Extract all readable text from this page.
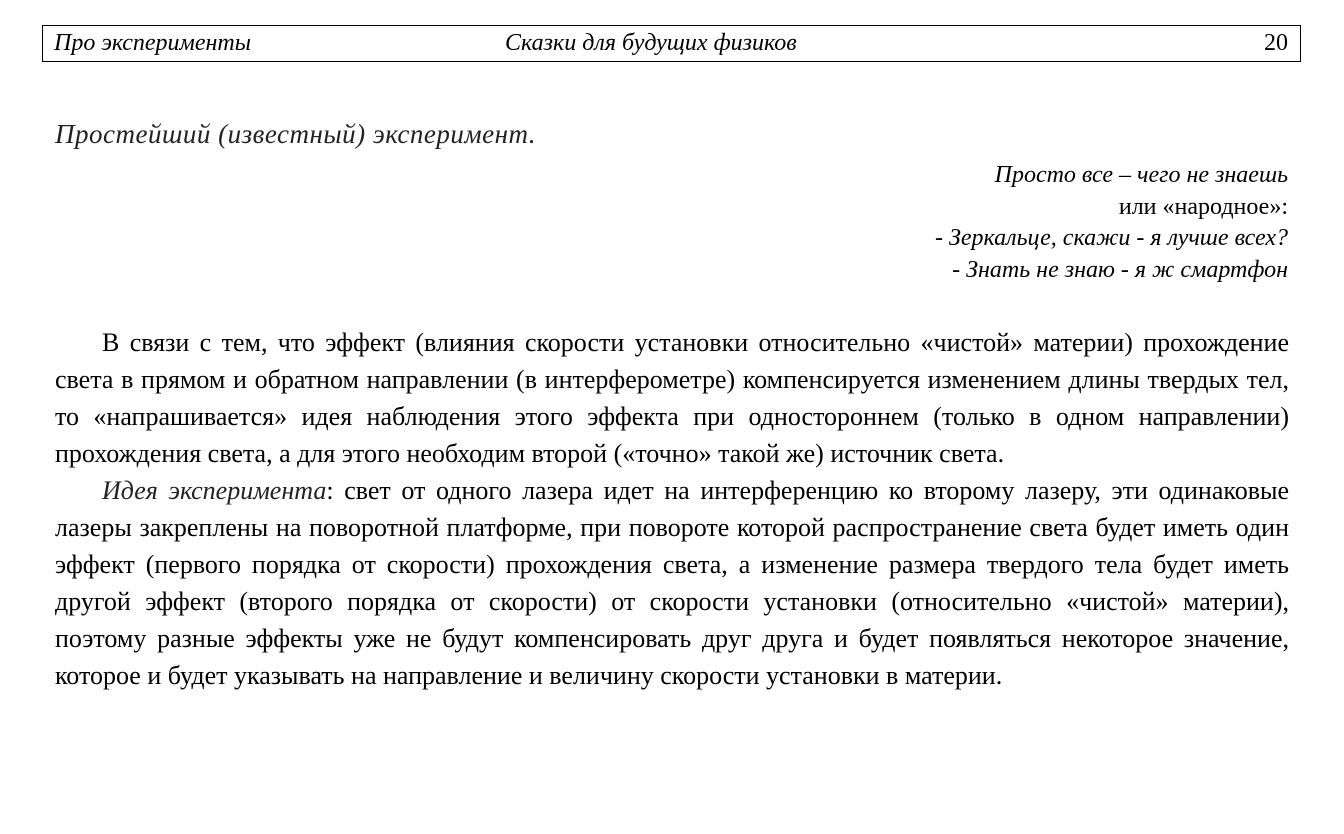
Про эксперименты	Сказки для будущих физиков	20
Простейший (известный) эксперимент.
Просто все – чего не знаешь
или «народное»:
- Зеркальце, скажи - я лучше всех?
- Знать не знаю - я ж смартфон

В связи с тем, что эффект (влияния скорости установки относительно «чистой» материи) прохождение света в прямом и обратном направлении (в интерферометре) компенсируется изменением длины твердых тел, то «напрашивается» идея наблюдения этого эффекта при одностороннем (только в одном направлении) прохождения света, а для этого необходим второй («точно» такой же) источник света.

Идея эксперимента: свет от одного лазера идет на интерференцию ко второму лазеру, эти одинаковые лазеры закреплены на поворотной платформе, при повороте которой распространение света будет иметь один эффект (первого порядка от скорости) прохождения света, а изменение размера твердого тела будет иметь другой эффект (второго порядка от скорости) от скорости установки (относительно «чистой» материи), поэтому разные эффекты уже не будут компенсировать друг друга и будет появляться некоторое значение, которое и будет указывать на направление и величину скорости установки в материи.
